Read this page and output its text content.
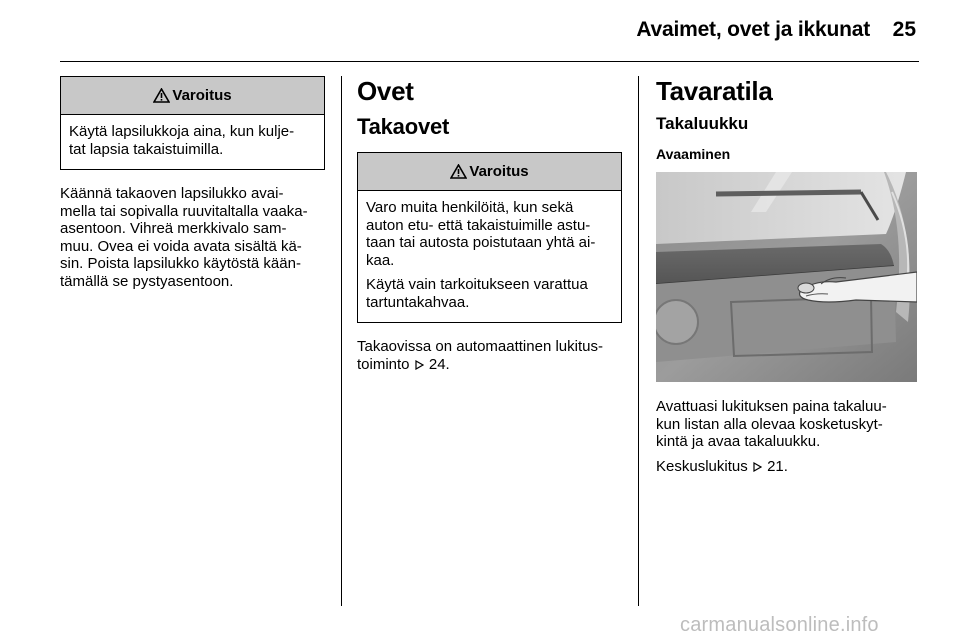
Avaimet, ovet ja ikkunat 25
Varoitus

Käytä lapsilukkoja aina, kun kulje-
tat lapsia takaistuimilla.

Käännä takaoven lapsilukko avai-
mella tai sopivalla ruuvitaltalla vaaka-
asentoon. Vihreä merkkivalo sam-
muu. Ovea ei voida avata sisältä kä-
sin. Poista lapsilukko käytöstä kään-
tämällä se pystyasentoon.

Ovet
Takaovet
Varoitus

Varo muita henkilöitä, kun sekä
auton etu- että takaistuimille astu-
taan tai autosta poistutaan yhtä ai-
kaa.

Käytä vain tarkoitukseen varattua
tartuntakahvaa.

Takaovissa on automaattinen lukitus-
toiminto 24.

Tavaratila
Takaluukku
Avaaminen

Avattuasi lukituksen paina takaluu-
kun listan alla olevaa kosketuskyt-
kintä ja avaa takaluukku.

Keskuslukitus 21.

carmanualsonline.info
